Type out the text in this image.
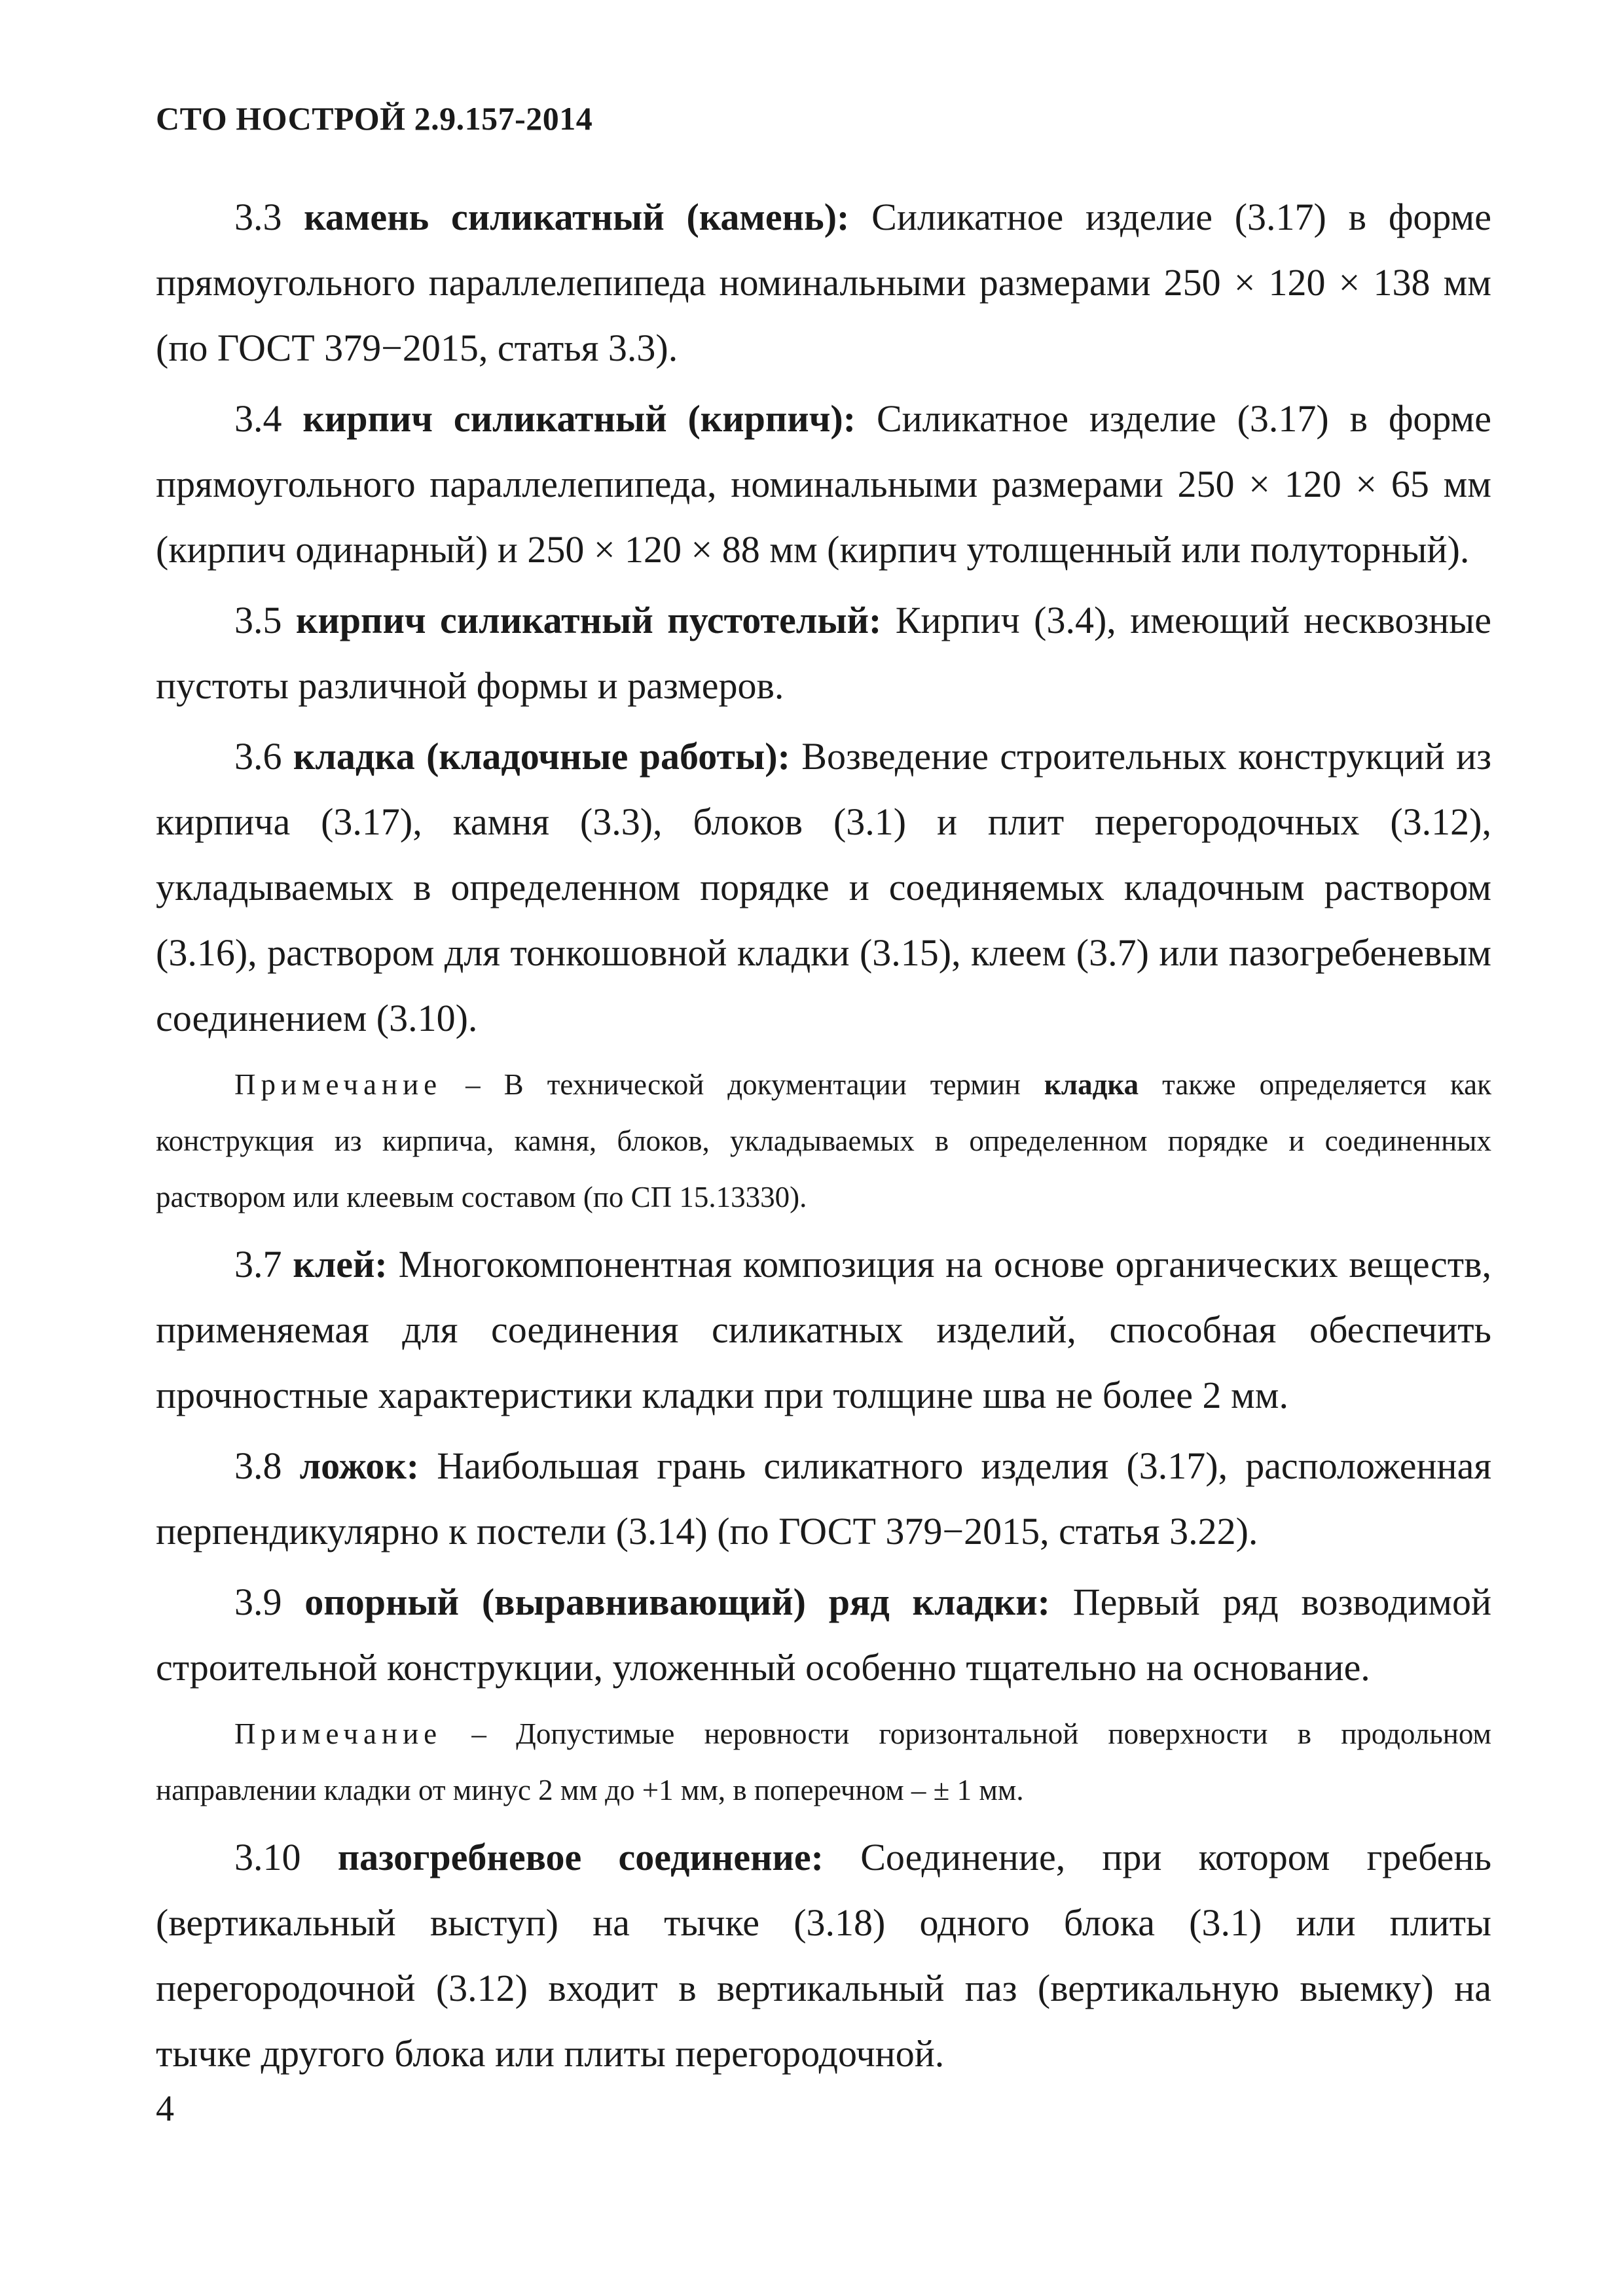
СТО НОСТРОЙ 2.9.157-2014

3.3 камень силикатный (камень): Силикатное изделие (3.17) в форме прямоугольного параллелепипеда номинальными размерами 250 × 120 × 138 мм (по ГОСТ 379−2015, статья 3.3).

3.4 кирпич силикатный (кирпич): Силикатное изделие (3.17) в форме прямоугольного параллелепипеда, номинальными размерами 250 × 120 × 65 мм (кирпич одинарный) и 250 × 120 × 88 мм (кирпич утолщенный или полуторный).

3.5 кирпич силикатный пустотелый: Кирпич (3.4), имеющий несквозные пустоты различной формы и размеров.

3.6 кладка (кладочные работы): Возведение строительных конструкций из кирпича (3.17), камня (3.3), блоков (3.1) и плит перегородочных (3.12), укладываемых в определенном порядке и соединяемых кладочным раствором (3.16), раствором для тонкошовной кладки (3.15), клеем (3.7) или пазогребеневым соединением (3.10).

Примечание – В технической документации термин кладка также определяется как конструкция из кирпича, камня, блоков, укладываемых в определенном порядке и соединенных раствором или клеевым составом (по СП 15.13330).

3.7 клей: Многокомпонентная композиция на основе органических веществ, применяемая для соединения силикатных изделий, способная обеспечить прочностные характеристики кладки при толщине шва не более 2 мм.

3.8 ложок: Наибольшая грань силикатного изделия (3.17), расположенная перпендикулярно к постели (3.14) (по ГОСТ 379−2015, статья 3.22).

3.9 опорный (выравнивающий) ряд кладки: Первый ряд возводимой строительной конструкции, уложенный особенно тщательно на основание.

Примечание – Допустимые неровности горизонтальной поверхности в продольном направлении кладки от минус 2 мм до +1 мм, в поперечном – ± 1 мм.

3.10 пазогребневое соединение: Соединение, при котором гребень (вертикальный выступ) на тычке (3.18) одного блока (3.1) или плиты перегородочной (3.12) входит в вертикальный паз (вертикальную выемку) на тычке другого блока или плиты перегородочной.

4
